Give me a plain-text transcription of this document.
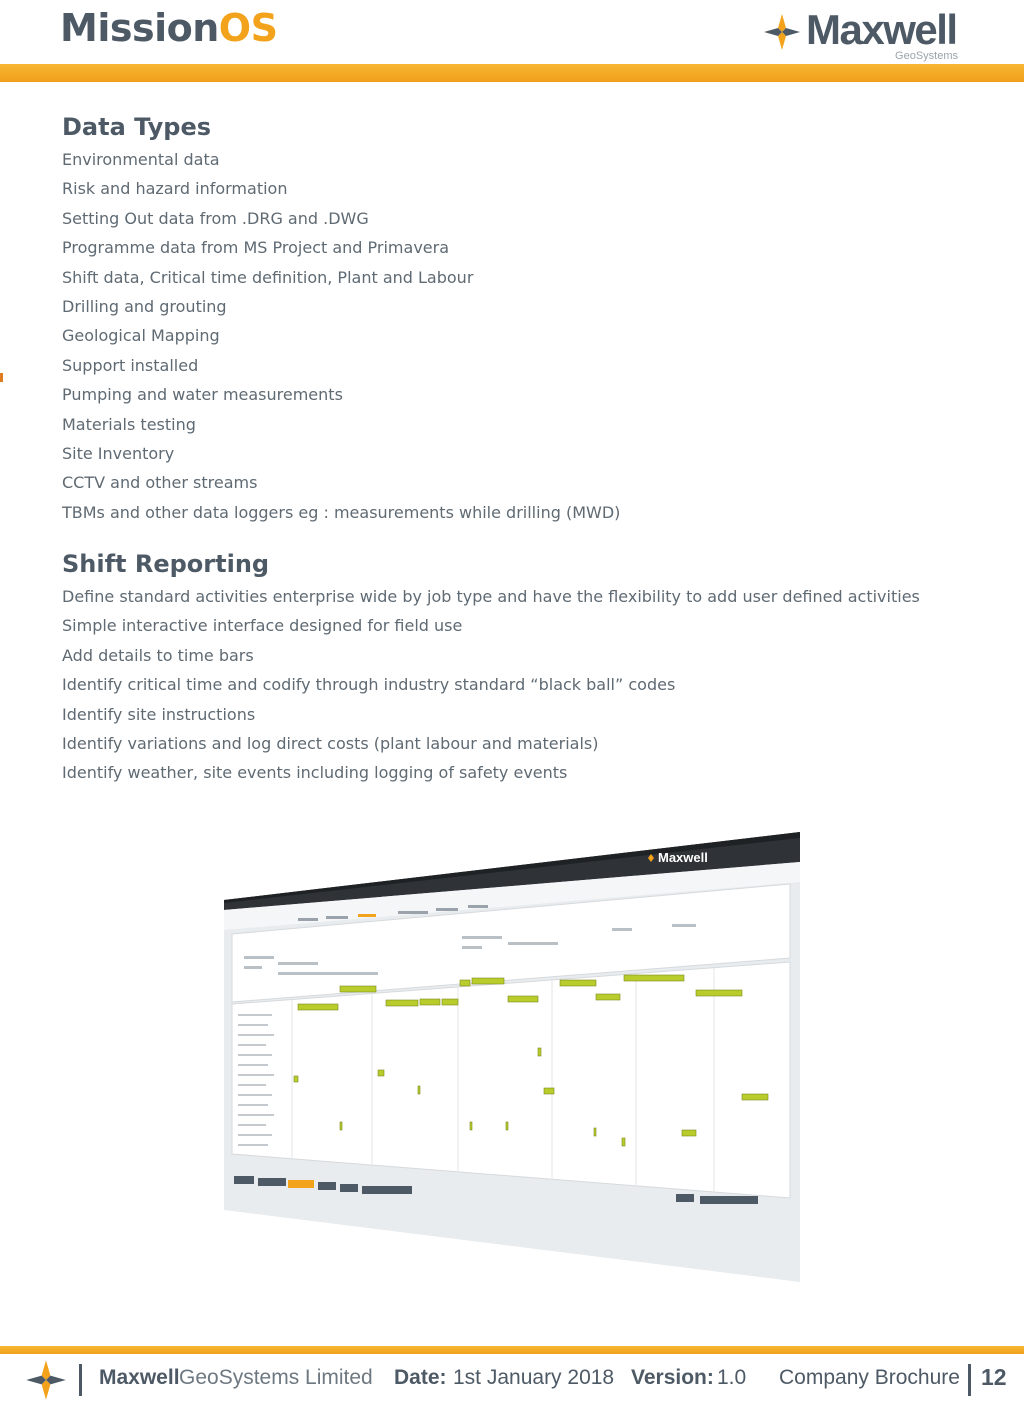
MissionOS	Maxwell
GeoSystems
Data Types
Environmental data
Risk and hazard information
Setting Out data from .DRG and .DWG
Programme data from MS Project and Primavera
Shift data, Critical time definition, Plant and Labour
Drilling and grouting
Geological Mapping
Support installed
Pumping and water measurements
Materials testing
Site Inventory
CCTV and other streams
TBMs and other data loggers eg : measurements while drilling (MWD)
Shift Reporting
Define standard activities enterprise wide by job type and have the flexibility to add user defined activities
Simple interactive interface designed for field use
Add details to time bars
Identify critical time and codify through industry standard “black ball” codes
Identify site instructions
Identify variations and log direct costs (plant labour and materials)
Identify weather, site events including logging of safety events
Maxwell
Maxwell GeoSystems Limited Date: 1st January 2018 Version: 1.0 Company Brochure 12
